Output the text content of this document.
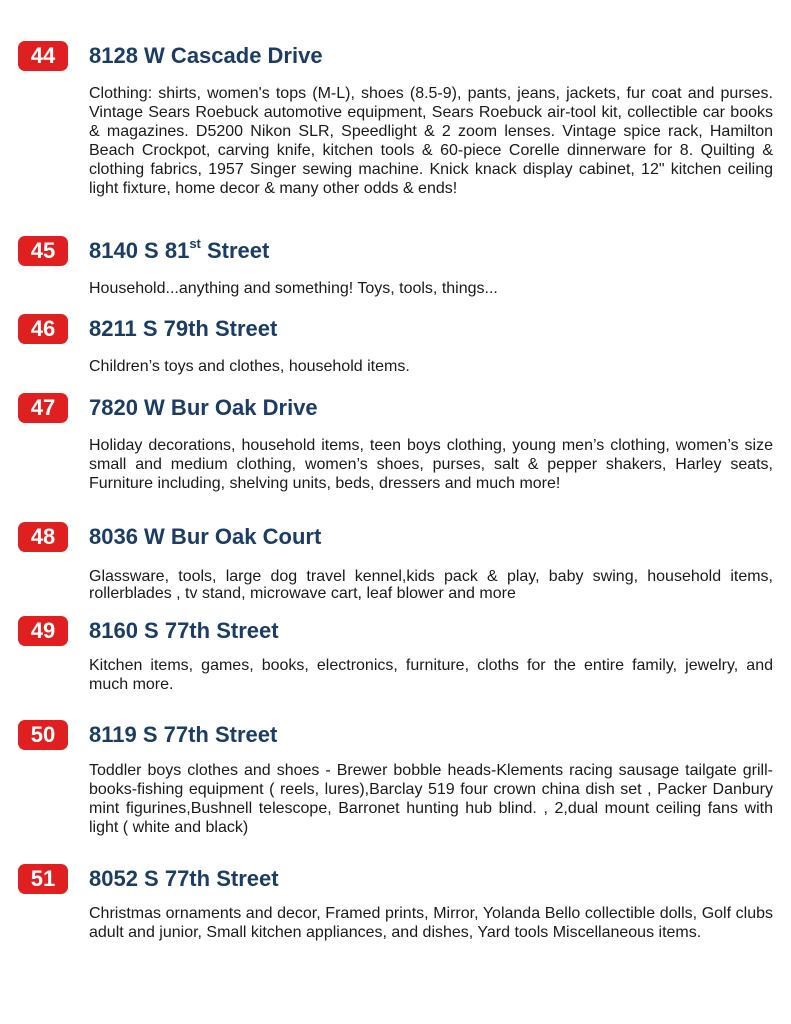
44	8128 W Cascade Drive

Clothing: shirts, women's tops (M-L), shoes (8.5-9), pants, jeans, jackets, fur coat and purses. Vintage Sears Roebuck automotive equipment, Sears Roebuck air-tool kit, collectible car books & magazines. D5200 Nikon SLR, Speedlight & 2 zoom lenses. Vintage spice rack, Hamilton Beach Crockpot, carving knife, kitchen tools & 60-piece Corelle dinnerware for 8. Quilting & clothing fabrics, 1957 Singer sewing machine. Knick knack display cabinet, 12" kitchen ceiling light fixture, home decor & many other odds & ends!

45	8140 S 81st Street

Household...anything and something! Toys, tools, things...

46	8211 S 79th Street

Children’s toys and clothes, household items.

47	7820 W Bur Oak Drive

Holiday decorations, household items, teen boys clothing, young men’s clothing, women’s size small and medium clothing, women’s shoes, purses, salt & pepper shakers, Harley seats, Furniture including, shelving units, beds, dressers and much more!

48	8036 W Bur Oak Court

Glassware, tools, large dog travel kennel,kids pack & play, baby swing, household items, rollerblades , tv stand, microwave cart, leaf blower and more

49	8160 S 77th Street

Kitchen items, games, books, electronics, furniture, cloths for the entire family, jewelry, and much more.

50	8119 S 77th Street

Toddler boys clothes and shoes - Brewer bobble heads-Klements racing sausage tailgate grill- books-fishing equipment ( reels, lures),Barclay 519 four crown china dish set , Packer Danbury mint figurines,Bushnell telescope, Barronet hunting hub blind. , 2,dual mount ceiling fans with light ( white and black)

51	8052 S 77th Street

Christmas ornaments and decor, Framed prints, Mirror, Yolanda Bello collectible dolls, Golf clubs adult and junior, Small kitchen appliances, and dishes, Yard tools Miscellaneous items.
